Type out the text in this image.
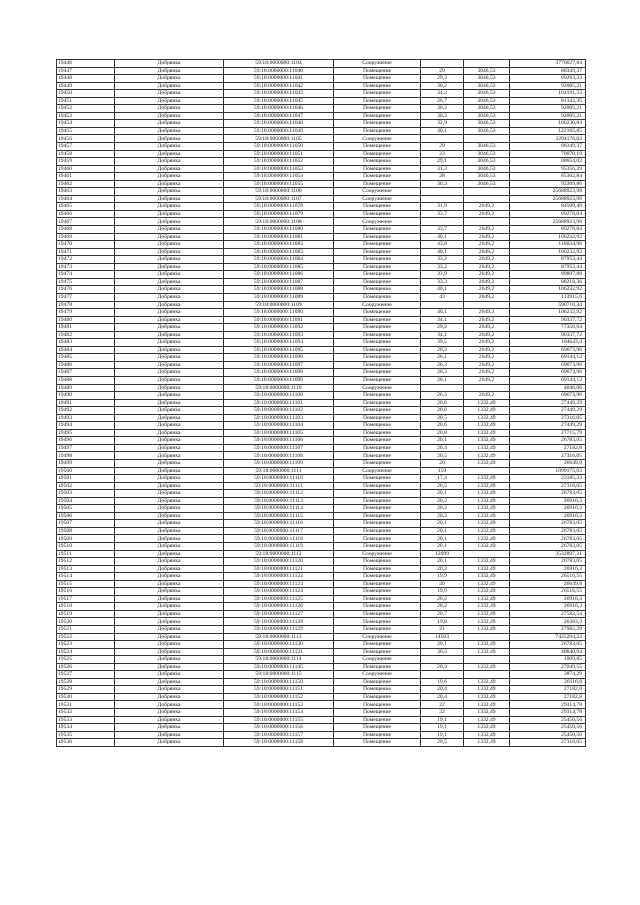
19446	Добрянка	59:18:0000000:1104	Сооружение			3770627,84
19447	Добрянка	59:18:0000000:11040	Помещение	29	3046,53	88349,37
19448	Добрянка	59:18:0000000:11041	Помещение	29,3	3046,53	89263,33
19449	Добрянка	59:18:0000000:11042	Помещение	30,2	3046,53	92005,21
19450	Добрянка	59:18:0000000:11043	Помещение	34,2	3046,53	104191,33
19451	Добрянка	59:18:0000000:11045	Помещение	26,7	3046,53	81342,35
19452	Добрянка	59:18:0000000:11046	Помещение	30,2	3046,53	92005,21
19453	Добрянка	59:18:0000000:11047	Помещение	30,2	3046,53	92005,21
19454	Добрянка	59:18:0000000:11048	Помещение	32,9	3046,53	100230,84
19455	Добрянка	59:18:0000000:11049	Помещение	40,1	3046,53	122165,85
19456	Добрянка	59:18:0000000:1105	Сооружение			3294176,02
19457	Добрянка	59:18:0000000:11050	Помещение	29	3046,53	88349,37
19458	Добрянка	59:18:0000000:11051	Помещение	23	3046,53	70070,19
19459	Добрянка	59:18:0000000:11052	Помещение	29,1	3046,53	88654,02
19460	Добрянка	59:18:0000000:11053	Помещение	31,3	3046,53	95356,39
19461	Добрянка	59:18:0000000:11054	Помещение	28	3046,53	85302,84
19462	Добрянка	59:18:0000000:11055	Помещение	30,3	3046,53	92309,86
19463	Добрянка	59:18:0000000:1106	Сооружение			25688923,98
19464	Добрянка	59:18:0000000:1107	Сооружение			25688923,98
19465	Добрянка	59:18:0000000:11078	Помещение	31,9	2649,2	84509,48
19466	Добрянка	59:18:0000000:11079	Помещение	33,7	2649,2	89278,04
19467	Добрянка	59:18:0000000:1108	Сооружение			25688923,98
19468	Добрянка	59:18:0000000:11080	Помещение	33,7	2649,2	89278,04
19469	Добрянка	59:18:0000000:11081	Помещение	40,1	2649,2	106232,92
19470	Добрянка	59:18:0000000:11082	Помещение	43,8	2649,2	116034,96
19471	Добрянка	59:18:0000000:11083	Помещение	40,1	2649,2	106232,92
19472	Добрянка	59:18:0000000:11084	Помещение	33,2	2649,2	87953,44
19473	Добрянка	59:18:0000000:11085	Помещение	33,2	2649,2	87953,44
19474	Добрянка	59:18:0000000:11086	Помещение	33,9	2649,2	89807,88
19475	Добрянка	59:18:0000000:11087	Помещение	33,3	2649,2	88218,36
19476	Добрянка	59:18:0000000:11088	Помещение	40,1	2649,2	106232,92
19477	Добрянка	59:18:0000000:11089	Помещение	43	2649,2	113915,6
19478	Добрянка	59:18:0000000:1109	Сооружение			590710,34
19479	Добрянка	59:18:0000000:11090	Помещение	40,1	2649,2	106232,92
19480	Добрянка	59:18:0000000:11091	Помещение	34,1	2649,2	90337,72
19481	Добрянка	59:18:0000000:11092	Помещение	29,2	2649,2	77356,64
19482	Добрянка	59:18:0000000:11093	Помещение	34,1	2649,2	90337,72
19483	Добрянка	59:18:0000000:11094	Помещение	39,5	2649,2	104643,4
19484	Добрянка	59:18:0000000:11095	Помещение	26,3	2649,2	69673,96
19485	Добрянка	59:18:0000000:11096	Помещение	26,1	2649,2	69144,12
19486	Добрянка	59:18:0000000:11097	Помещение	26,3	2649,2	69673,96
19487	Добрянка	59:18:0000000:11098	Помещение	26,3	2649,2	69673,96
19488	Добрянка	59:18:0000000:11099	Помещение	26,1	2649,2	69144,12
19489	Добрянка	59:18:0000000:1110	Сооружение			4046,06
19490	Добрянка	59:18:0000000:11100	Помещение	26,3	2649,2	69673,96
19491	Добрянка	59:18:0000000:11101	Помещение	20,6	1332,49	27449,29
19492	Добрянка	59:18:0000000:11102	Помещение	20,6	1332,49	27449,29
19493	Добрянка	59:18:0000000:11103	Помещение	20,5	1332,49	27316,05
19494	Добрянка	59:18:0000000:11104	Помещение	20,6	1332,49	27449,29
19495	Добрянка	59:18:0000000:11105	Помещение	20,8	1332,49	27715,79
19496	Добрянка	59:18:0000000:11106	Помещение	20,1	1332,49	26783,05
19497	Добрянка	59:18:0000000:11107	Помещение	20,4	1332,49	27182,8
19498	Добрянка	59:18:0000000:11108	Помещение	20,5	1332,49	27316,05
19499	Добрянка	59:18:0000000:11109	Помещение	20	1332,49	26649,8
19500	Добрянка	59:18:0000000:1111	Сооружение	159		1099175,03
19501	Добрянка	59:18:0000000:11110	Помещение	17,4	1332,49	23185,33
19502	Добрянка	59:18:0000000:11111	Помещение	20,5	1332,49	27316,05
19503	Добрянка	59:18:0000000:11112	Помещение	20,1	1332,49	26783,05
19504	Добрянка	59:18:0000000:11113	Помещение	20,2	1332,49	26916,3
19505	Добрянка	59:18:0000000:11114	Помещение	20,2	1332,49	26916,3
19506	Добрянка	59:18:0000000:11115	Помещение	20,2	1332,49	26916,3
19507	Добрянка	59:18:0000000:11116	Помещение	20,1	1332,49	26783,05
19508	Добрянка	59:18:0000000:11117	Помещение	20,1	1332,49	26783,05
19509	Добрянка	59:18:0000000:11118	Помещение	20,1	1332,49	26783,05
19510	Добрянка	59:18:0000000:11119	Помещение	20,1	1332,49	26783,05
19511	Добрянка	59:18:0000000:1112	Сооружение	12099		3532897,31
19512	Добрянка	59:18:0000000:11120	Помещение	20,1	1332,49	26783,05
19513	Добрянка	59:18:0000000:11121	Помещение	20,2	1332,49	26916,3
19514	Добрянка	59:18:0000000:11122	Помещение	19,9	1332,49	26516,55
19515	Добрянка	59:18:0000000:11123	Помещение	20	1332,49	26649,8
19516	Добрянка	59:18:0000000:11124	Помещение	19,9	1332,49	26516,55
19517	Добрянка	59:18:0000000:11125	Помещение	20,2	1332,49	26916,3
19518	Добрянка	59:18:0000000:11126	Помещение	20,2	1332,49	26916,3
19519	Добрянка	59:18:0000000:11127	Помещение	20,7	1332,49	27582,54
19520	Добрянка	59:18:0000000:11128	Помещение	19,8	1332,49	26383,3
19521	Добрянка	59:18:0000000:11129	Помещение	21	1332,49	27982,29
19522	Добрянка	59:18:0000000:1113	Сооружение	14503		7425294,22
19523	Добрянка	59:18:0000000:11130	Помещение	20,1	1332,49	26783,05
19524	Добрянка	59:18:0000000:11131	Помещение	30,5	1332,49	40640,94
19525	Добрянка	59:18:0000000:1114	Сооружение			1009,85
19526	Добрянка	59:18:0000000:11145	Помещение	20,3	1332,49	27049,55
19527	Добрянка	59:18:0000000:1115	Сооружение			3874,29
19528	Добрянка	59:18:0000000:11150	Помещение	19,6	1332,49	26116,8
19529	Добрянка	59:18:0000000:11151	Помещение	20,4	1332,49	27182,8
19530	Добрянка	59:18:0000000:11152	Помещение	20,4	1332,49	27182,8
19531	Добрянка	59:18:0000000:11153	Помещение	22	1332,49	29314,78
19532	Добрянка	59:18:0000000:11154	Помещение	22	1332,49	29314,78
19533	Добрянка	59:18:0000000:11155	Помещение	19,1	1332,49	25450,56
19534	Добрянка	59:18:0000000:11156	Помещение	19,1	1332,49	25450,56
19535	Добрянка	59:18:0000000:11157	Помещение	19,1	1332,49	25450,56
19536	Добрянка	59:18:0000000:11158	Помещение	20,5	1332,49	27316,05
